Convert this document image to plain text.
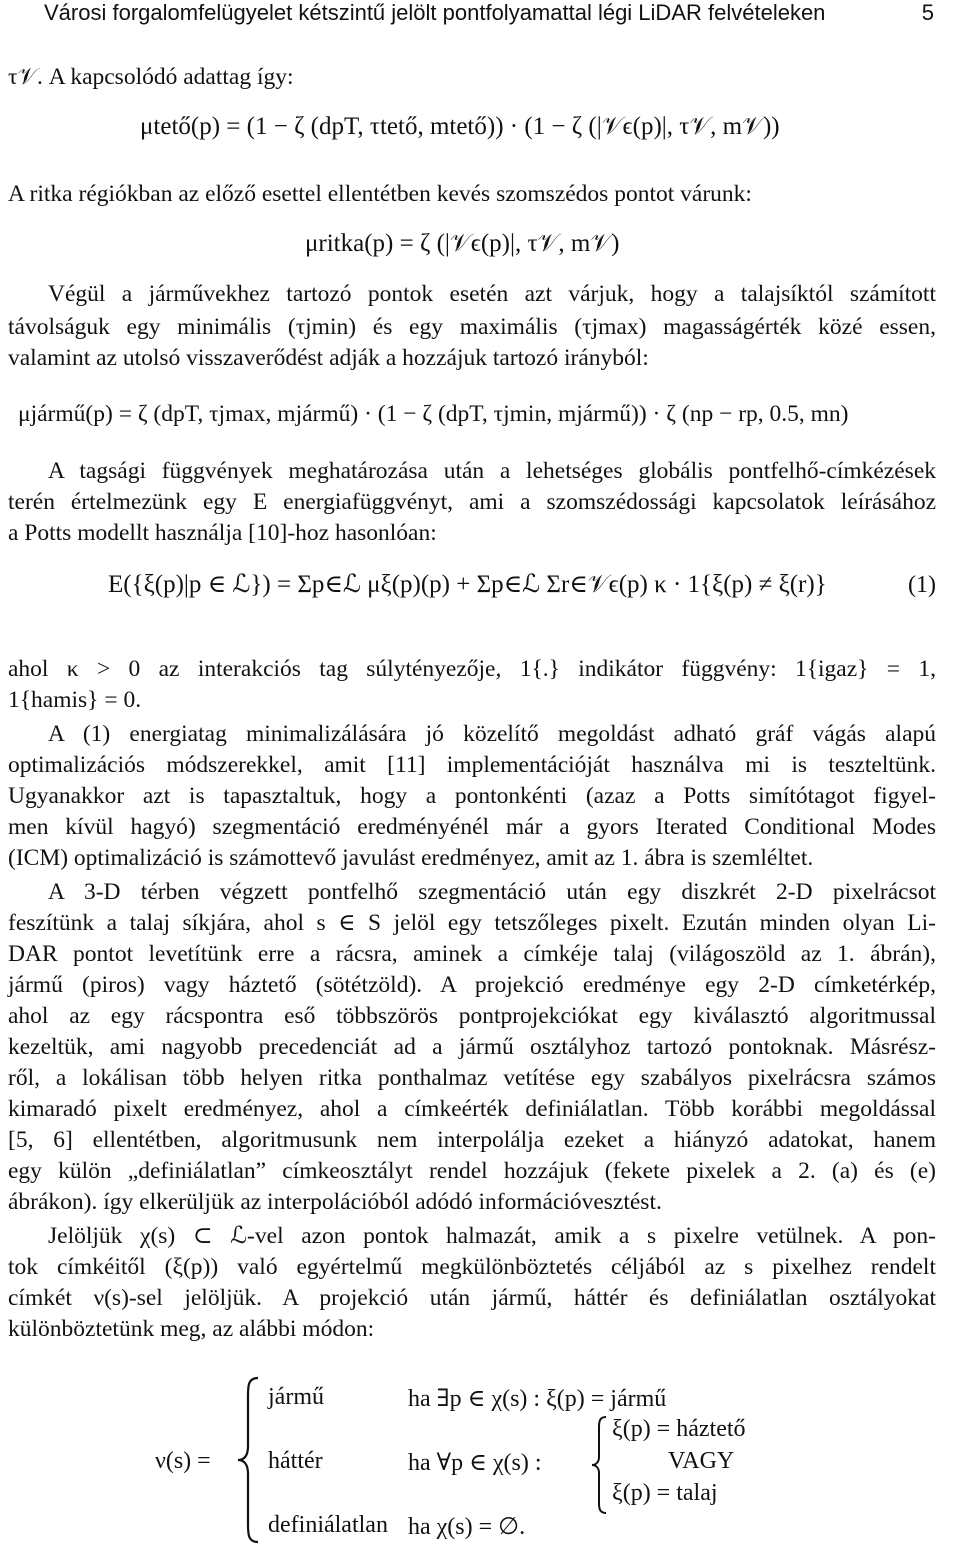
Városi forgalomfelügyelet kétszintű jelölt pontfolyamattal légi LiDAR felvételeken	5
τ𝒱. A kapcsolódó adattag így:
μtető(p) = (1 − ζ (dpT, τtető, mtető)) · (1 − ζ (|𝒱ϵ(p)|, τ𝒱, m𝒱))
A ritka régiókban az előző esettel ellentétben kevés szomszédos pontot várunk:
μritka(p) = ζ (|𝒱ϵ(p)|, τ𝒱, m𝒱)
Végül a járművekhez tartozó pontok esetén azt várjuk, hogy a talajsíktól számított
távolságuk egy minimális (τjmin) és egy maximális (τjmax) magasságérték közé essen,
valamint az utolsó visszaverődést adják a hozzájuk tartozó irányból:
μjármű(p) = ζ (dpT, τjmax, mjármű) · (1 − ζ (dpT, τjmin, mjármű)) · ζ (np − rp, 0.5, mn)
A tagsági függvények meghatározása után a lehetséges globális pontfelhő-címkézések
terén értelmezünk egy E energiafüggvényt, ami a szomszédossági kapcsolatok leírásához
a Potts modellt használja [10]-hoz hasonlóan:
E({ξ(p)|p ∈ ℒ}) = Σp∈ℒ μξ(p)(p) + Σp∈ℒ Σr∈𝒱ϵ(p) κ · 1{ξ(p) ≠ ξ(r)}	(1)
ahol κ > 0 az interakciós tag súlytényezője, 1{.} indikátor függvény: 1{igaz} = 1,
1{hamis} = 0.
A (1) energiatag minimalizálására jó közelítő megoldást adható gráf vágás alapú
optimalizációs módszerekkel, amit [11] implementációját használva mi is teszteltünk.
Ugyanakkor azt is tapasztaltuk, hogy a pontonkénti (azaz a Potts simítótagot figyel-
men kívül hagyó) szegmentáció eredményénél már a gyors Iterated Conditional Modes
(ICM) optimalizáció is számottevő javulást eredményez, amit az 1. ábra is szemléltet.
A 3-D térben végzett pontfelhő szegmentáció után egy diszkrét 2-D pixelrácsot
feszítünk a talaj síkjára, ahol s ∈ S jelöl egy tetszőleges pixelt. Ezután minden olyan Li-
DAR pontot levetítünk erre a rácsra, aminek a címkéje talaj (világoszöld az 1. ábrán),
jármű (piros) vagy háztető (sötétzöld). A projekció eredménye egy 2-D címketérkép,
ahol az egy rácspontra eső többszörös pontprojekciókat egy kiválasztó algoritmussal
kezeltük, ami nagyobb precedenciát ad a jármű osztályhoz tartozó pontoknak. Másrész-
ről, a lokálisan több helyen ritka ponthalmaz vetítése egy szabályos pixelrácsra számos
kimaradó pixelt eredményez, ahol a címkeérték definiálatlan. Több korábbi megoldással
[5, 6] ellentétben, algoritmusunk nem interpolálja ezeket a hiányzó adatokat, hanem
egy külön „definiálatlan” címkeosztályt rendel hozzájuk (fekete pixelek a 2. (a) és (e)
ábrákon). így elkerüljük az interpolációból adódó információvesztést.
Jelöljük χ(s) ⊂ ℒ-vel azon pontok halmazát, amik a s pixelre vetülnek. A pon-
tok címkéitől (ξ(p)) való egyértelmű megkülönböztetés céljából az s pixelhez rendelt
címkét ν(s)-sel jelöljük. A projekció után jármű, háttér és definiálatlan osztályokat
különböztetünk meg, az alábbi módon:
ν(s) =
jármű	ha ∃p ∈ χ(s) : ξ(p) = jármű
háttér	ha ∀p ∈ χ(s) :
ξ(p) = háztető
VAGY
ξ(p) = talaj
definiálatlan ha χ(s) = ∅.
